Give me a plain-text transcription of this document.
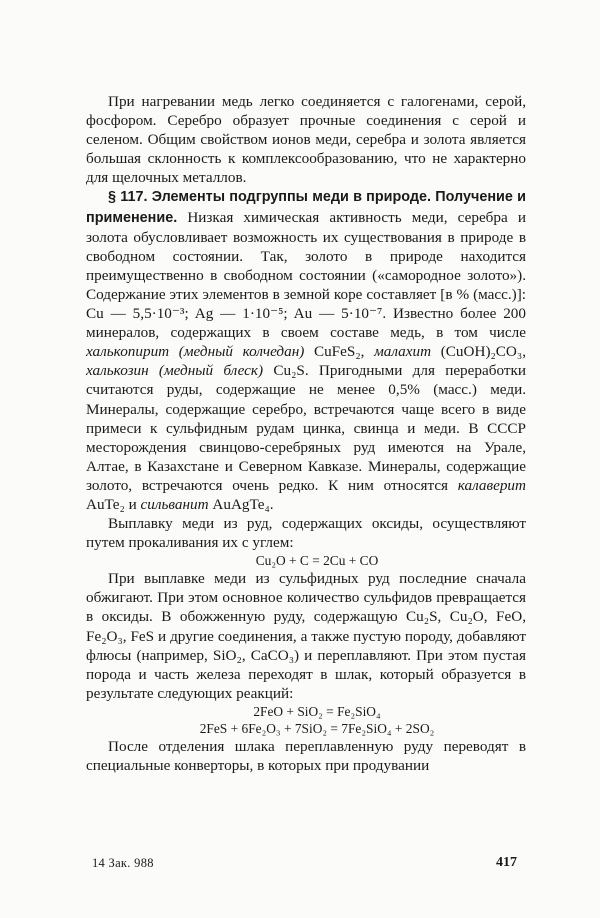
При нагревании медь легко соединяется с галогенами, серой, фосфором. Серебро образует прочные соединения с серой и селеном. Общим свойством ионов меди, серебра и золота является большая склонность к комплексообразованию, что не характерно для щелочных металлов.

§ 117. Элементы подгруппы меди в природе. Получение и применение. Низкая химическая активность меди, серебра и золота обусловливает возможность их существования в природе в свободном состоянии. Так, золото в природе находится преимущественно в свободном состоянии («самородное золото»). Содержание этих элементов в земной коре составляет [в % (масс.)]: Cu — 5,5·10⁻³; Ag — 1·10⁻⁵; Au — 5·10⁻⁷. Известно более 200 минералов, содержащих в своем составе медь, в том числе халькопирит (медный колчедан) CuFeS₂, малахит (CuOH)₂CO₃, халькозин (медный блеск) Cu₂S. Пригодными для переработки считаются руды, содержащие не менее 0,5% (масс.) меди. Минералы, содержащие серебро, встречаются чаще всего в виде примеси к сульфидным рудам цинка, свинца и меди. В СССР месторождения свинцово-серебряных руд имеются на Урале, Алтае, в Казахстане и Северном Кавказе. Минералы, содержащие золото, встречаются очень редко. К ним относятся калаверит AuTe₂ и сильванит AuAgTe₄.

Выплавку меди из руд, содержащих оксиды, осуществляют путем прокаливания их с углем:

Cu₂O + C = 2Cu + CO

При выплавке меди из сульфидных руд последние сначала обжигают. При этом основное количество сульфидов превращается в оксиды. В обожженную руду, содержащую Cu₂S, Cu₂O, FeO, Fe₂O₃, FeS и другие соединения, а также пустую породу, добавляют флюсы (например, SiO₂, CaCO₃) и переплавляют. При этом пустая порода и часть железа переходят в шлак, который образуется в результате следующих реакций:

2FeO + SiO₂ = Fe₂SiO₄

2FeS + 6Fe₂O₃ + 7SiO₂ = 7Fe₂SiO₄ + 2SO₂

После отделения шлака переплавленную руду переводят в специальные конверторы, в которых при продувании

14 Зак. 988	417
